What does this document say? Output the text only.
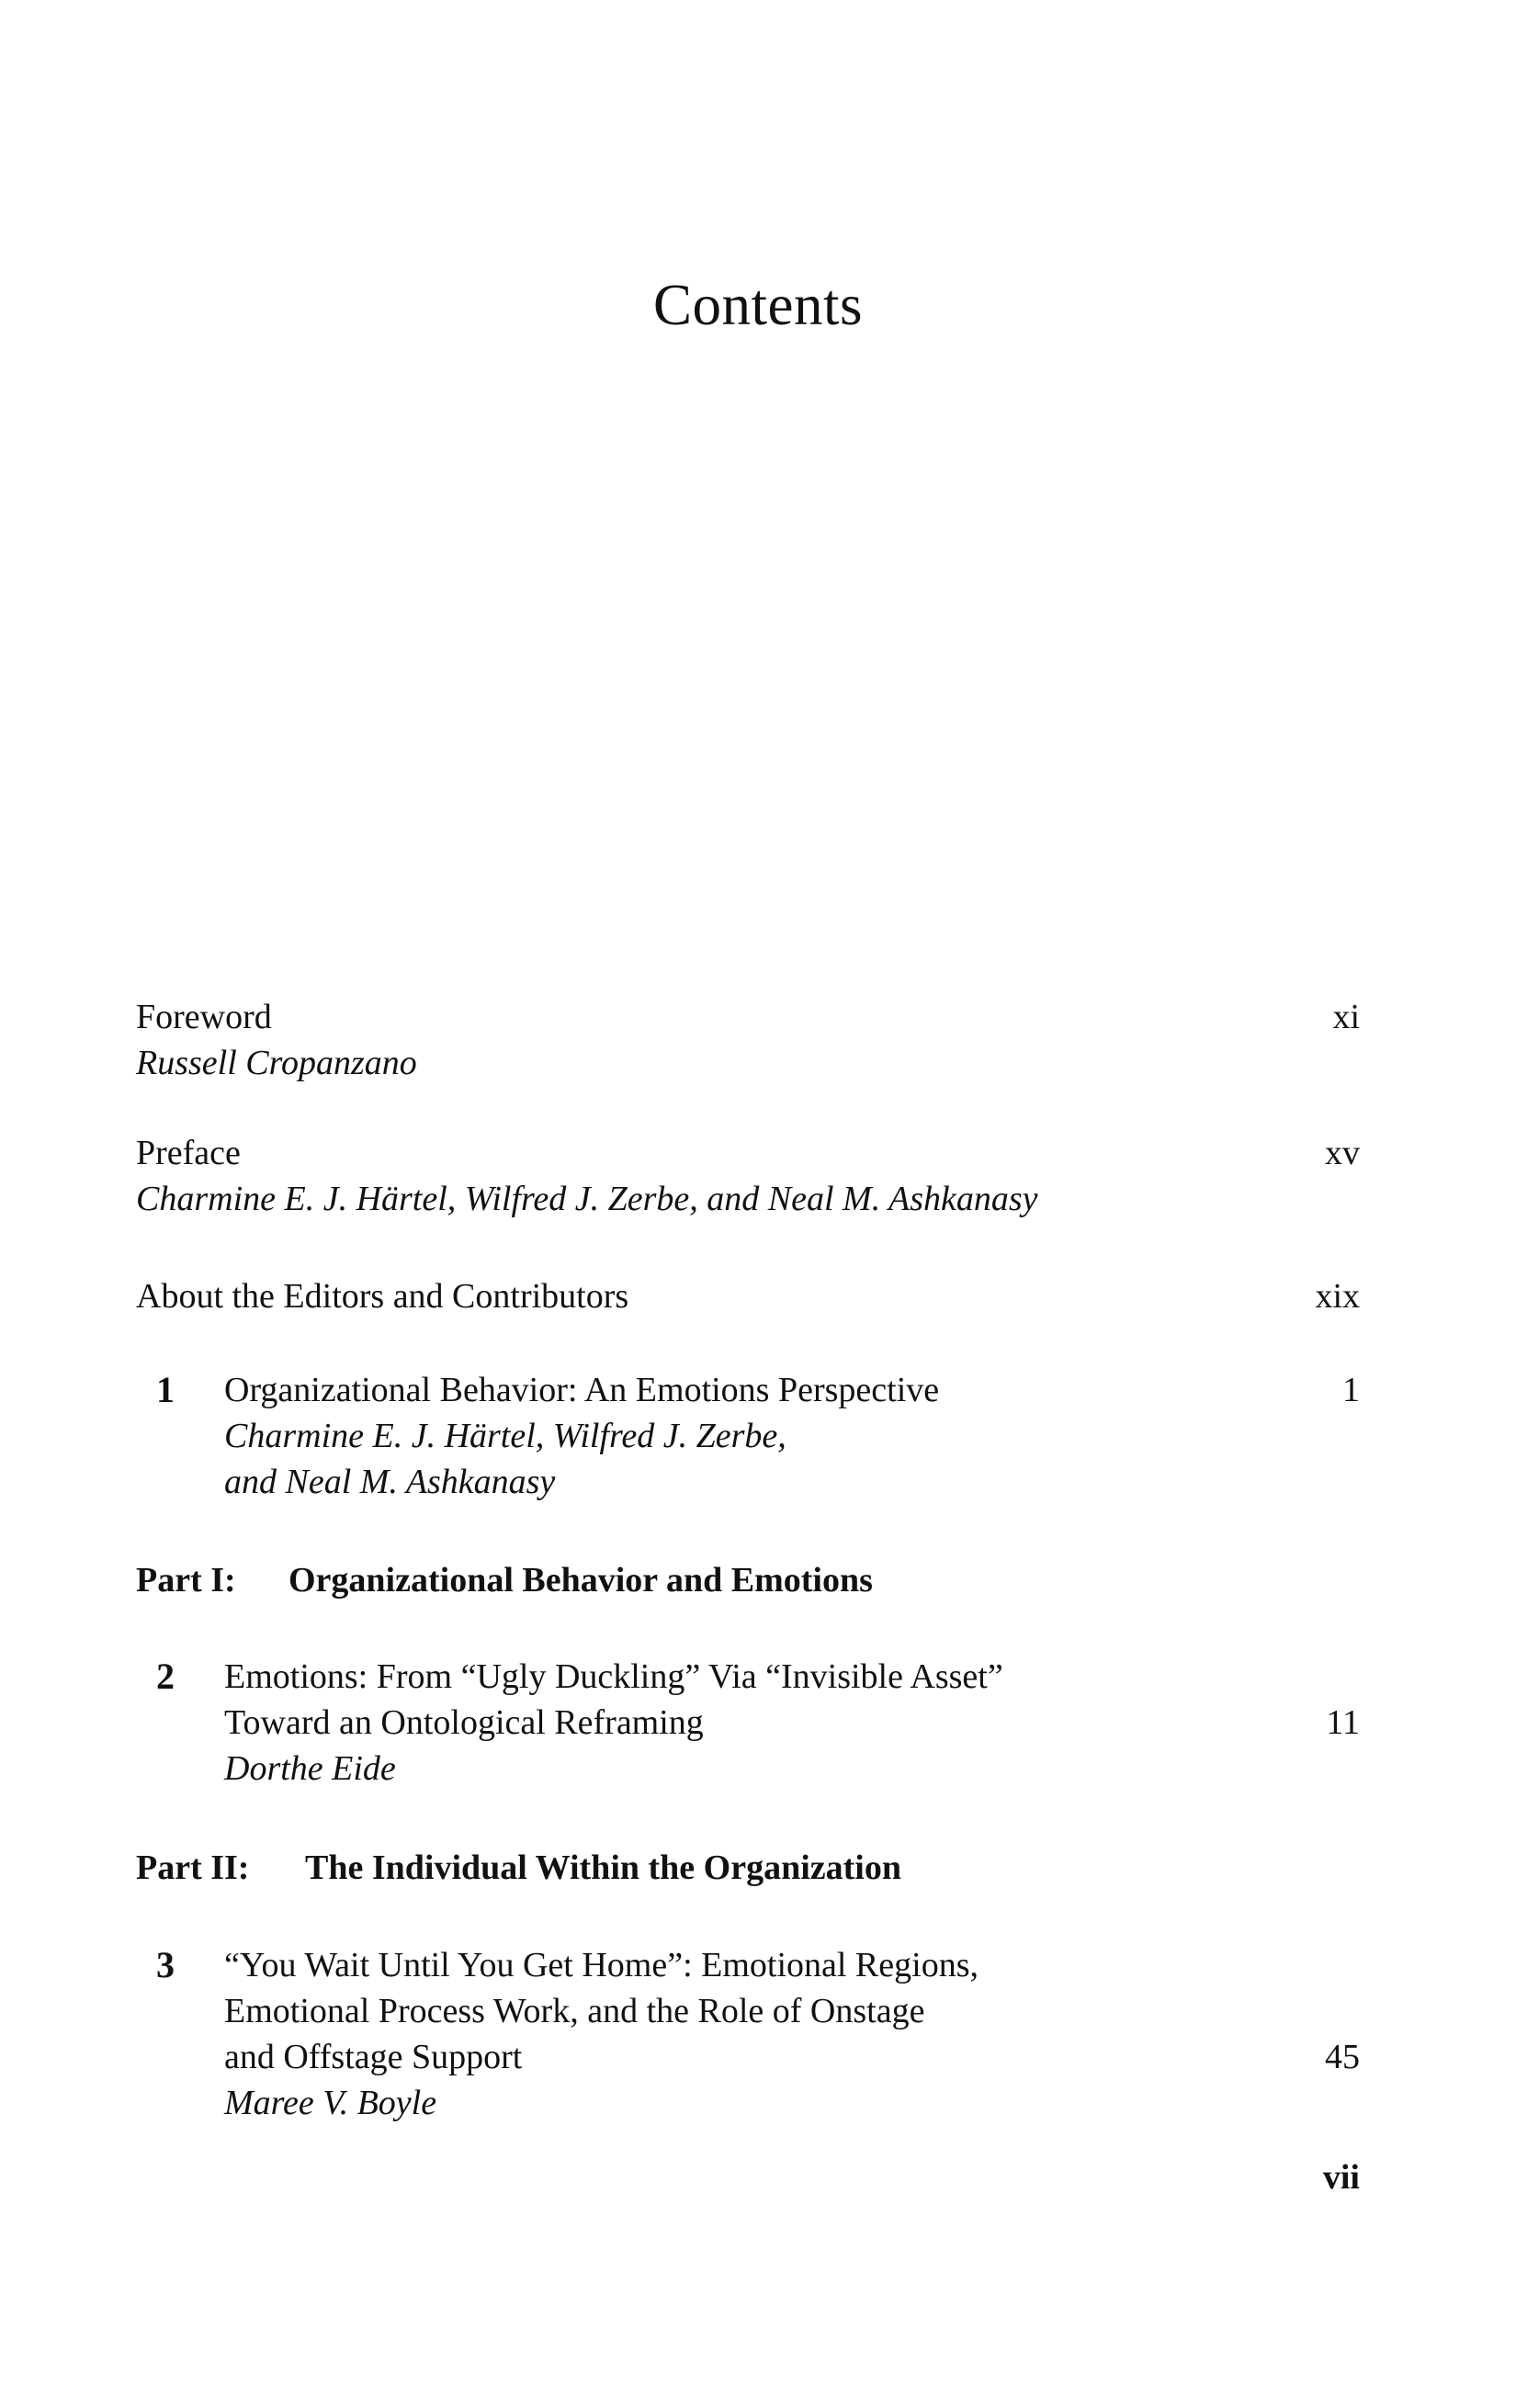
Contents
Foreword	xi
Russell Cropanzano
Preface	xv
Charmine E. J. Härtel, Wilfred J. Zerbe, and Neal M. Ashkanasy
About the Editors and Contributors	xix
1 Organizational Behavior: An Emotions Perspective	1
Charmine E. J. Härtel, Wilfred J. Zerbe,
and Neal M. Ashkanasy
Part I: Organizational Behavior and Emotions
2 Emotions: From “Ugly Duckling” Via “Invisible Asset”
Toward an Ontological Reframing	11
Dorthe Eide
Part II: The Individual Within the Organization
3 “You Wait Until You Get Home”: Emotional Regions,
Emotional Process Work, and the Role of Onstage
and Offstage Support	45
Maree V. Boyle
vii
